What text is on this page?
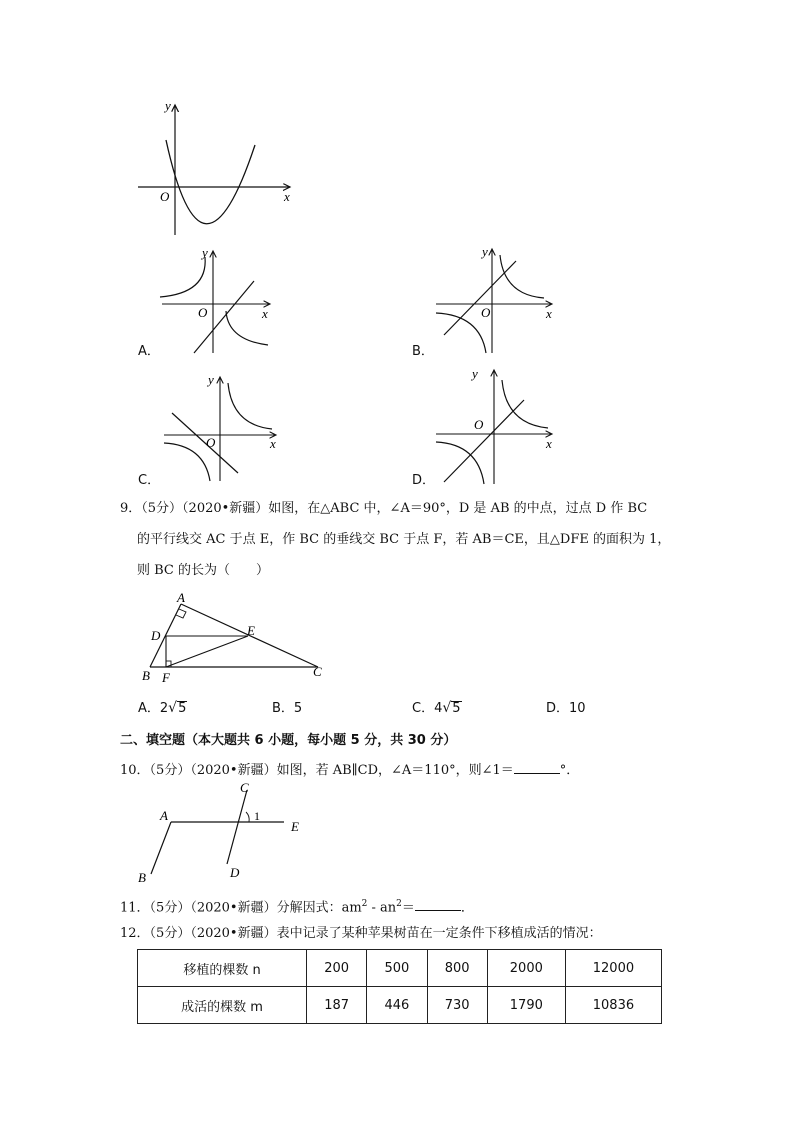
x
y
O
x
y
O
A．
x
y
O
B．
x
y
O
C．
x
y
O
D．
9．（5分）（2020•新疆）如图，在△ABC 中，∠A＝90°，D 是 AB 的中点，过点 D 作 BC
的平行线交 AC 于点 E，作 BC 的垂线交 BC 于点 F，若 AB＝CE，且△DFE 的面积为 1，
则 BC 的长为（　　）
A
B	C
D	E
F
A．2√5	B．5	C．4√5	D．10
二、填空题（本大题共 6 小题，每小题 5 分，共 30 分）
10．（5分）（2020•新疆）如图，若 AB∥CD，∠A＝110°，则∠1＝	°．
A
B
C
D
E
1
11．（5分）（2020•新疆）分解因式：$am^2 - an^2=$	．
12．（5分）（2020•新疆）表中记录了某种苹果树苗在一定条件下移植成活的情况：
移植的棵数 n	200	500	800	2000	12000
成活的棵数 m	187	446	730	1790	10836
